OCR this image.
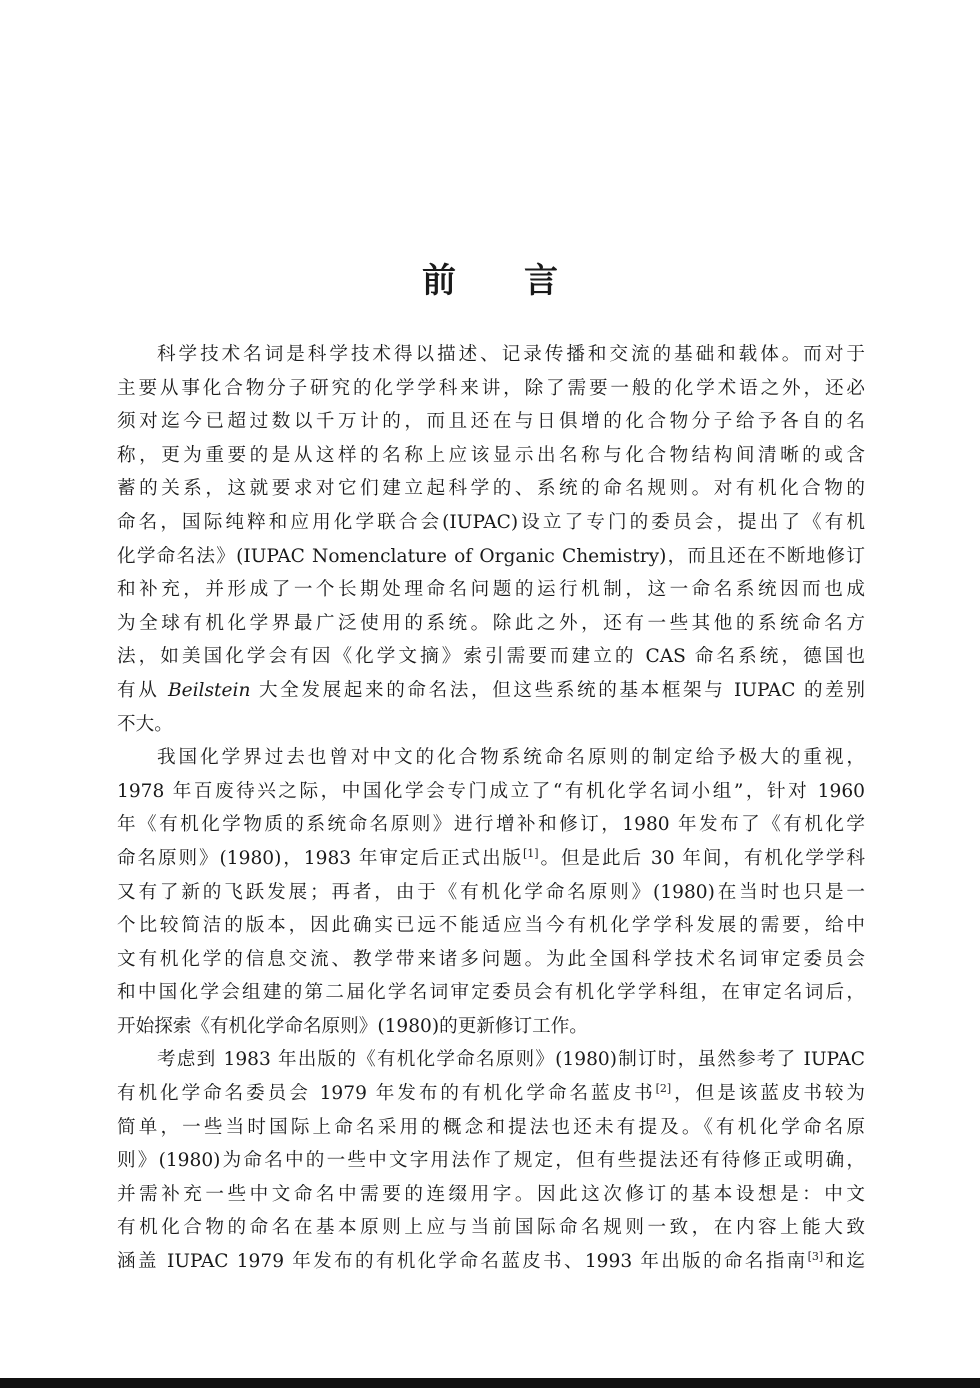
前 言
科学技术名词是科学技术得以描述、记录传播和交流的基础和载体。而对于
主要从事化合物分子研究的化学学科来讲，除了需要一般的化学术语之外，还必
须对迄今已超过数以千万计的，而且还在与日俱增的化合物分子给予各自的名
称，更为重要的是从这样的名称上应该显示出名称与化合物结构间清晰的或含
蓄的关系，这就要求对它们建立起科学的、系统的命名规则。对有机化合物的
命名，国际纯粹和应用化学联合会(IUPAC)设立了专门的委员会，提出了《有机
化学命名法》(IUPAC Nomenclature of Organic Chemistry)，而且还在不断地修订
和补充，并形成了一个长期处理命名问题的运行机制，这一命名系统因而也成
为全球有机化学界最广泛使用的系统。除此之外，还有一些其他的系统命名方
法，如美国化学会有因《化学文摘》索引需要而建立的 CAS 命名系统，德国也
有从 Beilstein 大全发展起来的命名法，但这些系统的基本框架与 IUPAC 的差别
不大。
我国化学界过去也曾对中文的化合物系统命名原则的制定给予极大的重视，
1978 年百废待兴之际，中国化学会专门成立了“有机化学名词小组”，针对 1960
年《有机化学物质的系统命名原则》进行增补和修订，1980 年发布了《有机化学
命名原则》(1980)，1983 年审定后正式出版[1]。但是此后 30 年间，有机化学学科
又有了新的飞跃发展；再者，由于《有机化学命名原则》(1980)在当时也只是一
个比较简洁的版本，因此确实已远不能适应当今有机化学学科发展的需要，给中
文有机化学的信息交流、教学带来诸多问题。为此全国科学技术名词审定委员会
和中国化学会组建的第二届化学名词审定委员会有机化学学科组，在审定名词后，
开始探索《有机化学命名原则》(1980)的更新修订工作。
考虑到 1983 年出版的《有机化学命名原则》(1980)制订时，虽然参考了 IUPAC
有机化学命名委员会 1979 年发布的有机化学命名蓝皮书[2]，但是该蓝皮书较为
简单，一些当时国际上命名采用的概念和提法也还未有提及。《有机化学命名原
则》(1980)为命名中的一些中文字用法作了规定，但有些提法还有待修正或明确，
并需补充一些中文命名中需要的连缀用字。因此这次修订的基本设想是：中文
有机化合物的命名在基本原则上应与当前国际命名规则一致，在内容上能大致
涵盖 IUPAC 1979 年发布的有机化学命名蓝皮书、1993 年出版的命名指南[3]和迄
